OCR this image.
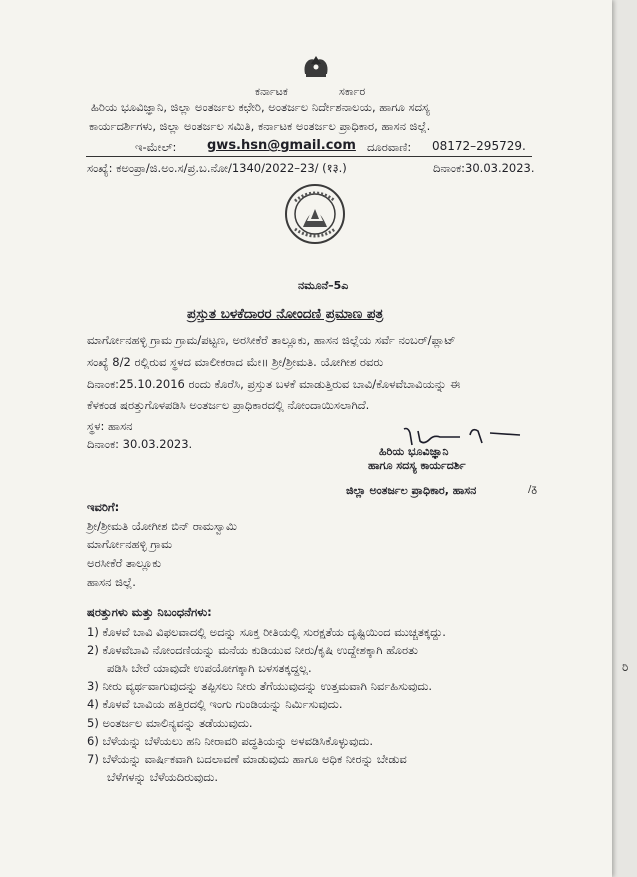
ರಿ
ಕರ್ನಾಟಕ	ಸರ್ಕಾರ
ಹಿರಿಯ ಭೂವಿಜ್ಞಾನಿ, ಜಿಲ್ಲಾ ಅಂತರ್ಜಲ ಕಛೇರಿ, ಅಂತರ್ಜಲ ನಿರ್ದೇಶನಾಲಯ, ಹಾಗೂ ಸದಸ್ಯ
ಕಾರ್ಯದರ್ಶಿಗಳು, ಜಿಲ್ಲಾ ಅಂತರ್ಜಲ ಸಮಿತಿ, ಕರ್ನಾಟಕ ಅಂತರ್ಜಲ ಪ್ರಾಧಿಕಾರ, ಹಾಸನ ಜಿಲ್ಲೆ.
ಇ-ಮೇಲ್: gws.hsn@gmail.com ದೂರವಾಣಿ: 08172–295729.
ಸಂಖ್ಯೆ: ಕಅಂಪ್ರಾ/ಜಿ.ಅಂ.ಸ/ಪ್ರ.ಬ.ನೋ/1340/2022–23/ (१३.)	ದಿನಾಂಕ:30.03.2023.
ನಮೂನೆ–5ಎ
ಪ್ರಸ್ತುತ ಬಳಕೆದಾರರ ನೋಂದಣಿ ಪ್ರಮಾಣ ಪತ್ರ
ಮಾರ್ಗೋನಹಳ್ಳಿ ಗ್ರಾಮ ಗ್ರಾಮ/ಪಟ್ಟಣ, ಅರಸೀಕೆರೆ ತಾಲ್ಲೂಕು, ಹಾಸನ ಜಿಲ್ಲೆಯ ಸರ್ವೆ ನಂಬರ್/ಪ್ಲಾಟ್
ಸಂಖ್ಯೆ 8/2 ರಲ್ಲಿರುವ ಸ್ಥಳದ ಮಾಲೀಕರಾದ ಮೇ॥ ಶ್ರೀ/ಶ್ರೀಮತಿ. ಯೋಗೀಶ ರವರು
ದಿನಾಂಕ:25.10.2016 ರಂದು ಕೊರೆಸಿ, ಪ್ರಸ್ತುತ ಬಳಕೆ ಮಾಡುತ್ತಿರುವ ಬಾವಿ/ಕೊಳವೆಬಾವಿಯನ್ನು ಈ
ಕೆಳಕಂಡ ಷರತ್ತುಗೊಳಪಡಿಸಿ ಅಂತರ್ಜಲ ಪ್ರಾಧಿಕಾರದಲ್ಲಿ ನೋಂದಾಯಿಸಲಾಗಿದೆ.
ಸ್ಥಳ: ಹಾಸನ
ದಿನಾಂಕ: 30.03.2023.
ಹಿರಿಯ ಭೂವಿಜ್ಞಾನಿ
ಹಾಗೂ ಸದಸ್ಯ ಕಾರ್ಯದರ್ಶಿ
ಜಿಲ್ಲಾ ಅಂತರ್ಜಲ ಪ್ರಾಧಿಕಾರ, ಹಾಸನ	/ᵹ
ಇವರಿಗೆ:
ಶ್ರೀ/ಶ್ರೀಮತಿ ಯೋಗೀಶ ಬಿನ್ ರಾಮಸ್ವಾಮಿ
ಮಾರ್ಗೋನಹಳ್ಳಿ ಗ್ರಾಮ
ಅರಸೀಕೆರೆ ತಾಲ್ಲೂಕು
ಹಾಸನ ಜಿಲ್ಲೆ.
ಷರತ್ತುಗಳು ಮತ್ತು ನಿಬಂಧನೆಗಳು:
1) ಕೊಳವೆ ಬಾವಿ ವಿಫಲವಾದಲ್ಲಿ ಅದನ್ನು ಸೂಕ್ತ ರೀತಿಯಲ್ಲಿ ಸುರಕ್ಷತೆಯ ದೃಷ್ಟಿಯಿಂದ ಮುಚ್ಚತಕ್ಕದ್ದು.
2) ಕೊಳವೆಬಾವಿ ನೋಂದಣಿಯನ್ನು ಮನೆಯ ಕುಡಿಯುವ ನೀರು/ಕೃಷಿ ಉದ್ದೇಶಕ್ಕಾಗಿ ಹೊರತು
ಪಡಿಸಿ ಬೇರೆ ಯಾವುದೇ ಉಪಯೋಗಕ್ಕಾಗಿ ಬಳಸತಕ್ಕದ್ದಲ್ಲ.
3) ನೀರು ವ್ಯರ್ಥವಾಗುವುದನ್ನು ತಪ್ಪಿಸಲು ನೀರು ತೆಗೆಯುವುದನ್ನು ಉತ್ತಮವಾಗಿ ನಿರ್ವಹಿಸುವುದು.
4) ಕೊಳವೆ ಬಾವಿಯ ಹತ್ತಿರದಲ್ಲಿ ಇಂಗು ಗುಂಡಿಯನ್ನು ನಿರ್ಮಿಸುವುದು.
5) ಅಂತರ್ಜಲ ಮಾಲಿನ್ಯವನ್ನು ತಡೆಯುವುದು.
6) ಬೆಳೆಯನ್ನು ಬೆಳೆಯಲು ಹನಿ ನೀರಾವರಿ ಪದ್ಧತಿಯನ್ನು ಅಳವಡಿಸಿಕೊಳ್ಳುವುದು.
7) ಬೆಳೆಯನ್ನು ವಾರ್ಷಿಕವಾಗಿ ಬದಲಾವಣೆ ಮಾಡುವುದು ಹಾಗೂ ಅಧಿಕ ನೀರನ್ನು ಬೇಡುವ
ಬೆಳೆಗಳನ್ನು ಬೆಳೆಯದಿರುವುದು.
